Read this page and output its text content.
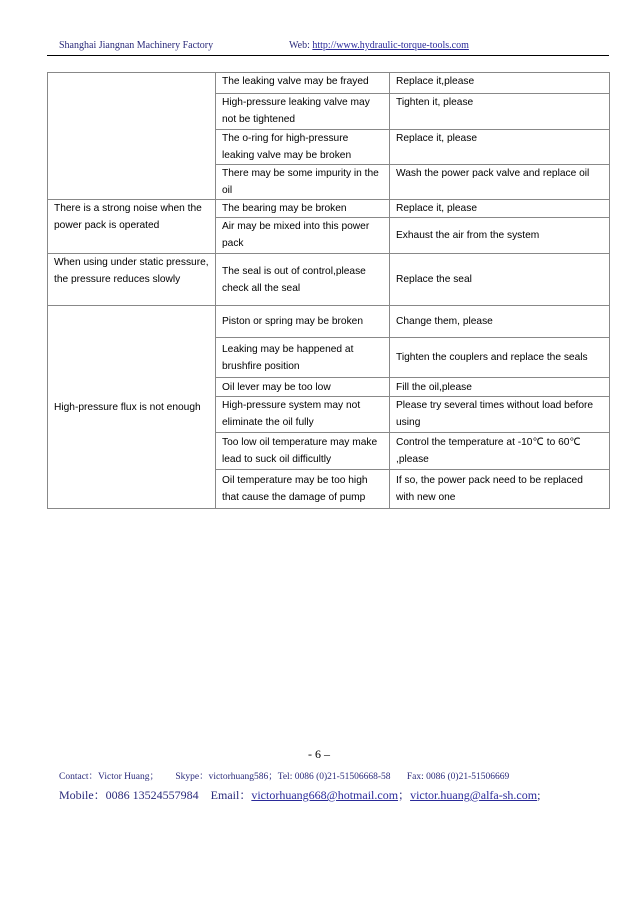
Shanghai Jiangnan Machinery Factory	Web: http://www.hydraulic-torque-tools.com
	The leaking valve may be frayed	Replace it,please
	High-pressure leaking valve may not be tightened	Tighten it, please
	The o-ring for high-pressure leaking valve may be broken	Replace it, please
	There may be some impurity in the oil	Wash the power pack valve and replace oil
There is a strong noise when the power pack is operated	The bearing may be broken	Replace it, please
	Air may be mixed into this power pack	Exhaust the air from the system
When using under static pressure, the pressure reduces slowly	The seal is out of control,please check all the seal	Replace the seal
High-pressure flux is not enough	Piston or spring may be broken	Change them, please
	Leaking may be happened at brushfire position	Tighten the couplers and replace the seals
	Oil lever may be too low	Fill the oil,please
	High-pressure system may not eliminate the oil fully	Please try several times without load before using
	Too low oil temperature may make lead to suck oil difficultly	Control the temperature at -10℃ to 60℃ ,please
	Oil temperature may be too high that cause the damage of pump	If so, the power pack need to be replaced with new one
- 6 –
Contact：Victor Huang； Skype：victorhuang586；Tel: 0086 (0)21-51506668-58 Fax: 0086 (0)21-51506669
Mobile：0086 13524557984 Email：victorhuang668@hotmail.com；victor.huang@alfa-sh.com;
